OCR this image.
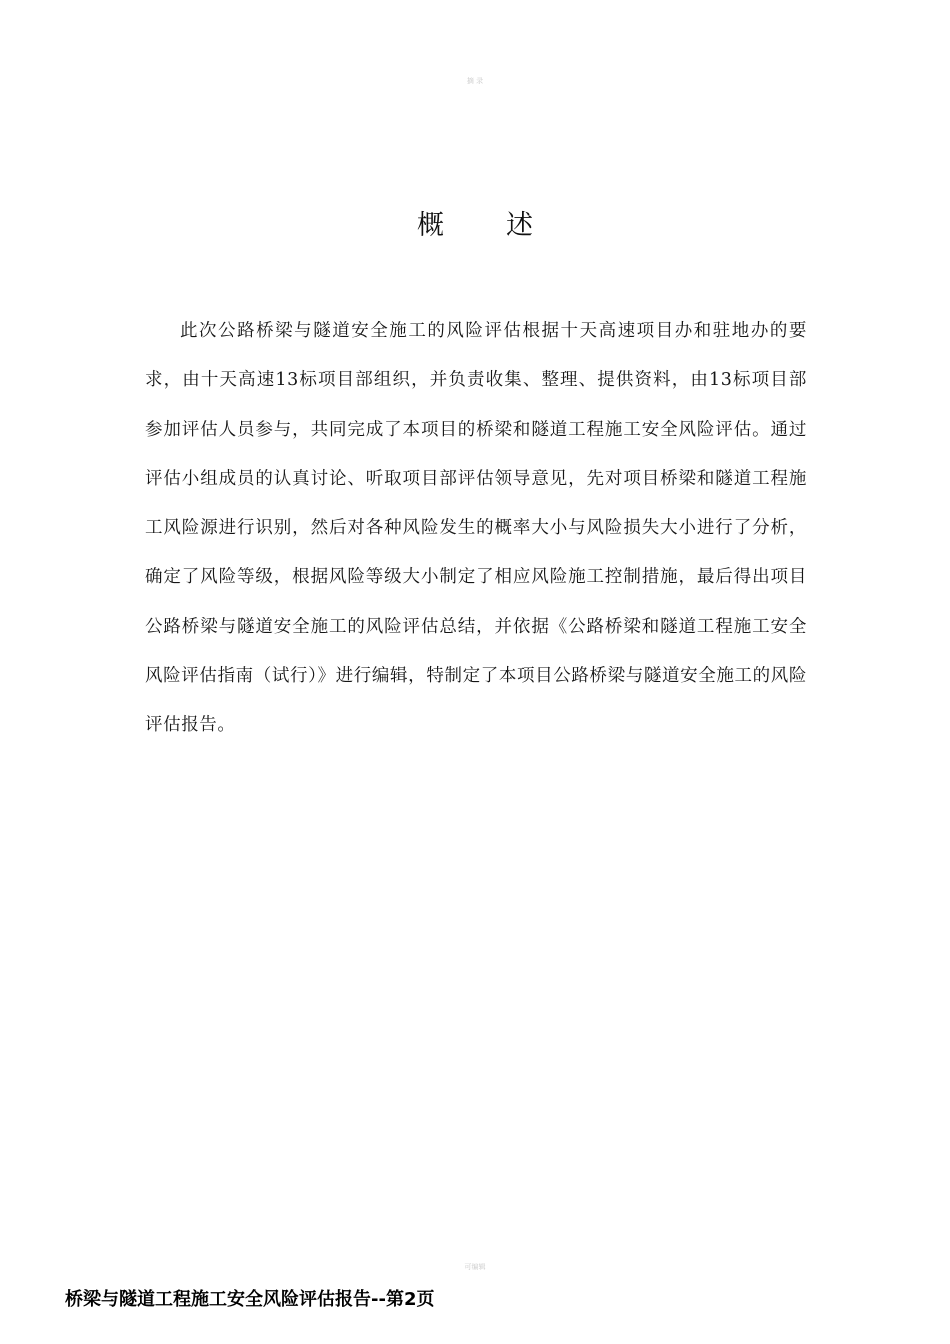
摘 录
概述

此次公路桥梁与隧道安全施工的风险评估根据十天高速项目办和驻地办的要求，由十天高速13标项目部组织，并负责收集、整理、提供资料，由13标项目部参加评估人员参与，共同完成了本项目的桥梁和隧道工程施工安全风险评估。通过评估小组成员的认真讨论、听取项目部评估领导意见，先对项目桥梁和隧道工程施工风险源进行识别，然后对各种风险发生的概率大小与风险损失大小进行了分析，确定了风险等级，根据风险等级大小制定了相应风险施工控制措施，最后得出项目公路桥梁与隧道安全施工的风险评估总结，并依据《公路桥梁和隧道工程施工安全风险评估指南（试行）》进行编辑，特制定了本项目公路桥梁与隧道安全施工的风险评估报告。

可编辑
桥梁与隧道工程施工安全风险评估报告--第2页
